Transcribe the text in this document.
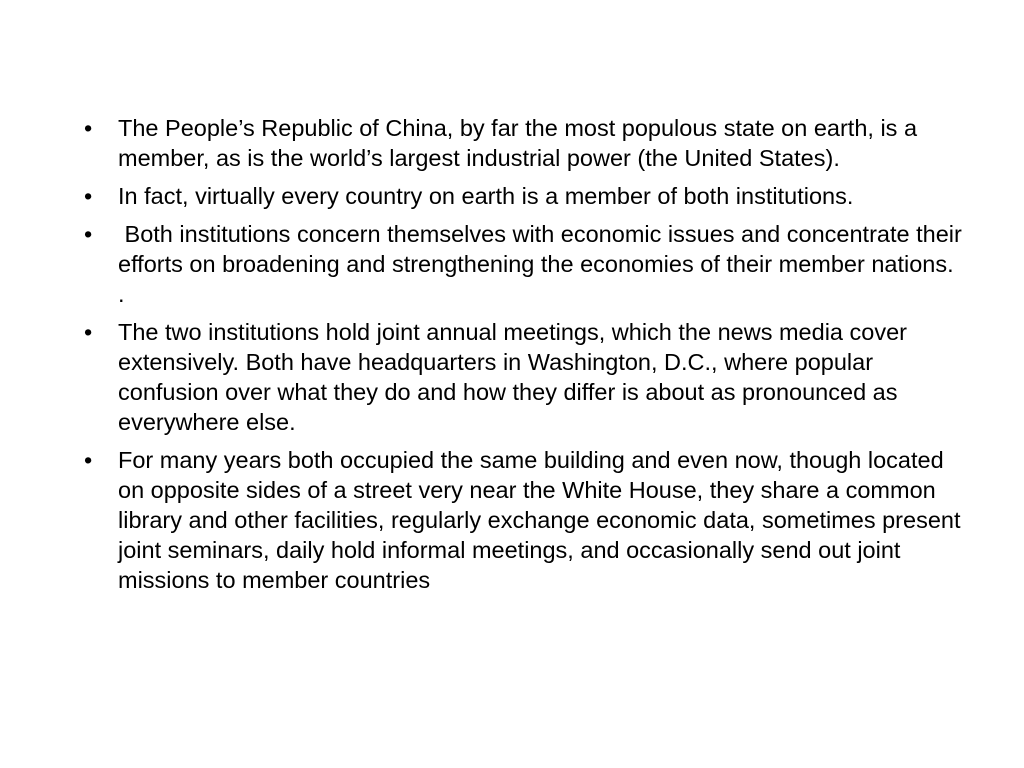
•	The People’s Republic of China, by far the most populous state on earth, is a member, as is the world’s largest industrial power (the United States).
•	In fact, virtually every country on earth is a member of both institutions.
•	Both institutions concern themselves with economic issues and concentrate their efforts on broadening and strengthening the economies of their member nations. .
•	The two institutions hold joint annual meetings, which the news media cover extensively. Both have headquarters in Washington, D.C., where popular confusion over what they do and how they differ is about as pronounced as everywhere else.
•	For many years both occupied the same building and even now, though located on opposite sides of a street very near the White House, they share a common library and other facilities, regularly exchange economic data, sometimes present joint seminars, daily hold informal meetings, and occasionally send out joint missions to member countries
